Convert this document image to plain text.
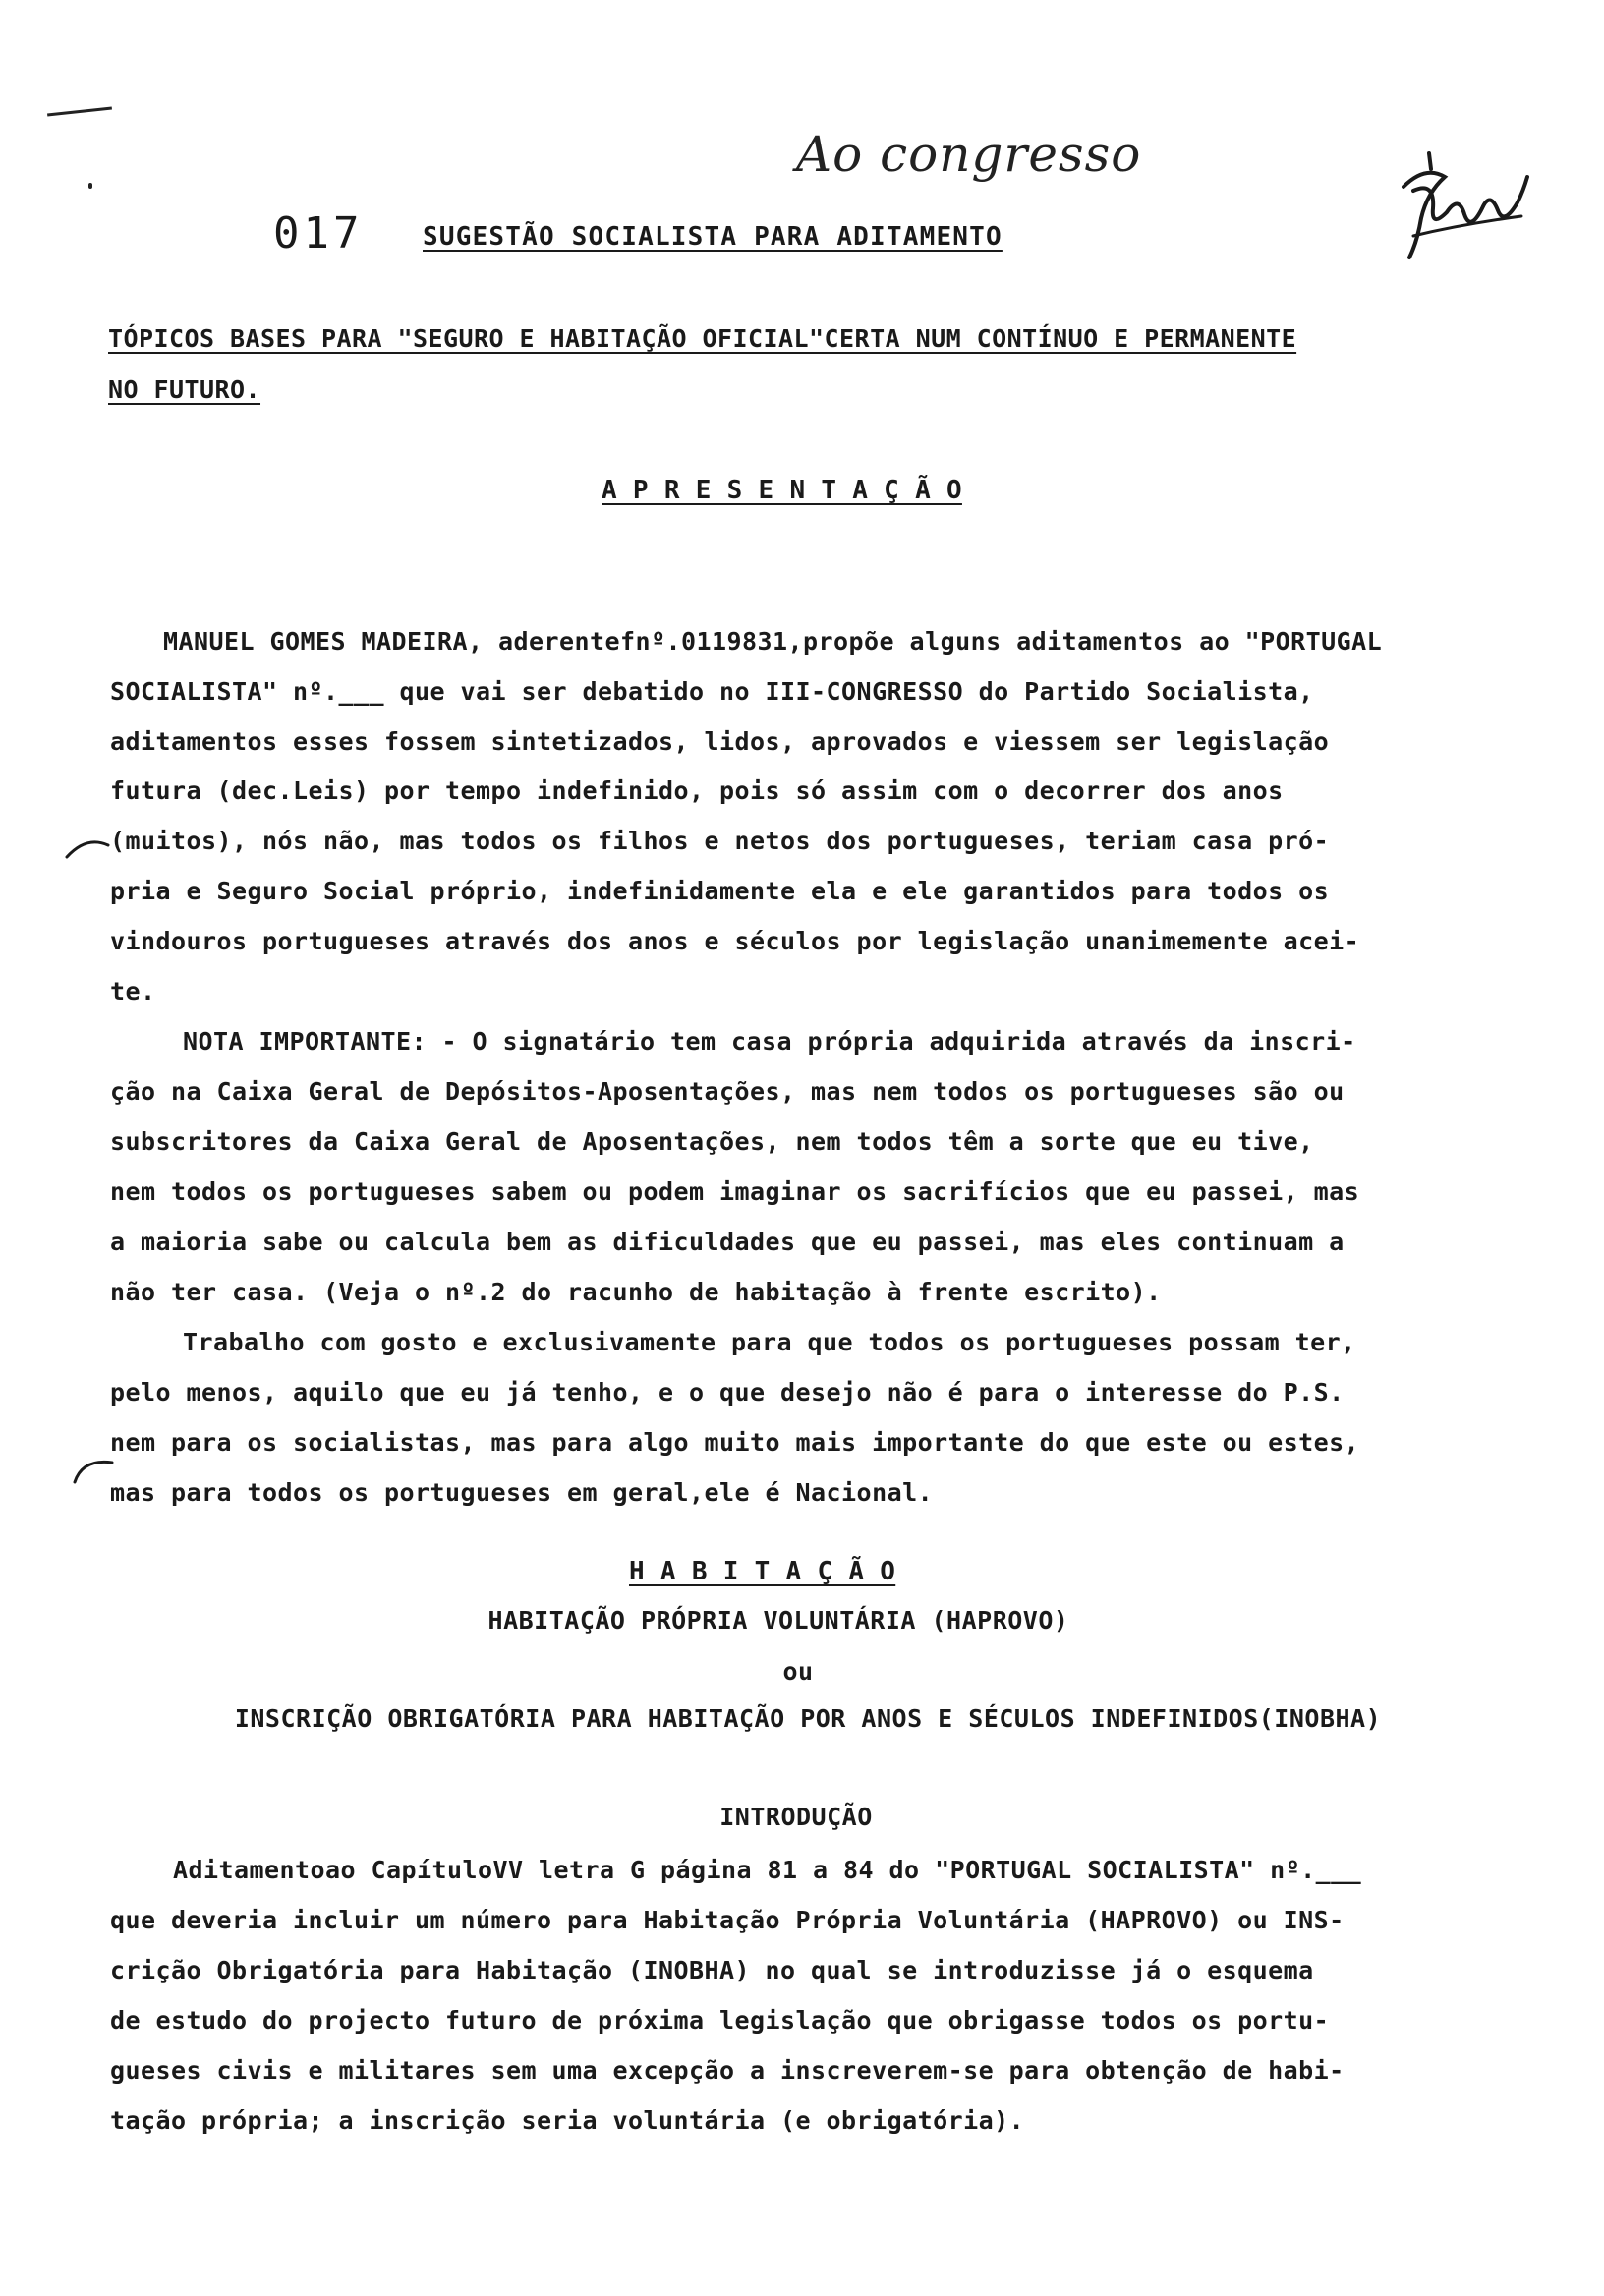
Ao congresso
017 SUGESTÃO SOCIALISTA PARA ADITAMENTO
TÓPICOS BASES PARA "SEGURO E HABITAÇÃO OFICIAL"CERTA NUM CONTÍNUO E PERMANENTE
NO FUTURO.
A P R E S E N T A Ç Ã O
MANUEL GOMES MADEIRA, aderentefnº.0119831,propõe alguns aditamentos ao "PORTUGAL
SOCIALISTA" nº.___ que vai ser debatido no III-CONGRESSO do Partido Socialista,
aditamentos esses fossem sintetizados, lidos, aprovados e viessem ser legislação
futura (dec.Leis) por tempo indefinido, pois só assim com o decorrer dos anos
(muitos), nós não, mas todos os filhos e netos dos portugueses, teriam casa pró-
pria e Seguro Social próprio, indefinidamente ela e ele garantidos para todos os
vindouros portugueses através dos anos e séculos por legislação unanimemente acei-
te.
NOTA IMPORTANTE: - O signatário tem casa própria adquirida através da inscri-
ção na Caixa Geral de Depósitos-Aposentações, mas nem todos os portugueses são ou
subscritores da Caixa Geral de Aposentações, nem todos têm a sorte que eu tive,
nem todos os portugueses sabem ou podem imaginar os sacrifícios que eu passei, mas
a maioria sabe ou calcula bem as dificuldades que eu passei, mas eles continuam a
não ter casa. (Veja o nº.2 do racunho de habitação à frente escrito).
Trabalho com gosto e exclusivamente para que todos os portugueses possam ter,
pelo menos, aquilo que eu já tenho, e o que desejo não é para o interesse do P.S.
nem para os socialistas, mas para algo muito mais importante do que este ou estes,
mas para todos os portugueses em geral,ele é Nacional.
H A B I T A Ç Ã O
HABITAÇÃO PRÓPRIA VOLUNTÁRIA (HAPROVO)
ou
INSCRIÇÃO OBRIGATÓRIA PARA HABITAÇÃO POR ANOS E SÉCULOS INDEFINIDOS(INOBHA)
INTRODUÇÃO
Aditamentoao CapítuloVV letra G página 81 a 84 do "PORTUGAL SOCIALISTA" nº.___
que deveria incluir um número para Habitação Própria Voluntária (HAPROVO) ou INS-
crição Obrigatória para Habitação (INOBHA) no qual se introduzisse já o esquema
de estudo do projecto futuro de próxima legislação que obrigasse todos os portu-
gueses civis e militares sem uma excepção a inscreverem-se para obtenção de habi-
tação própria; a inscrição seria voluntária (e obrigatória).
